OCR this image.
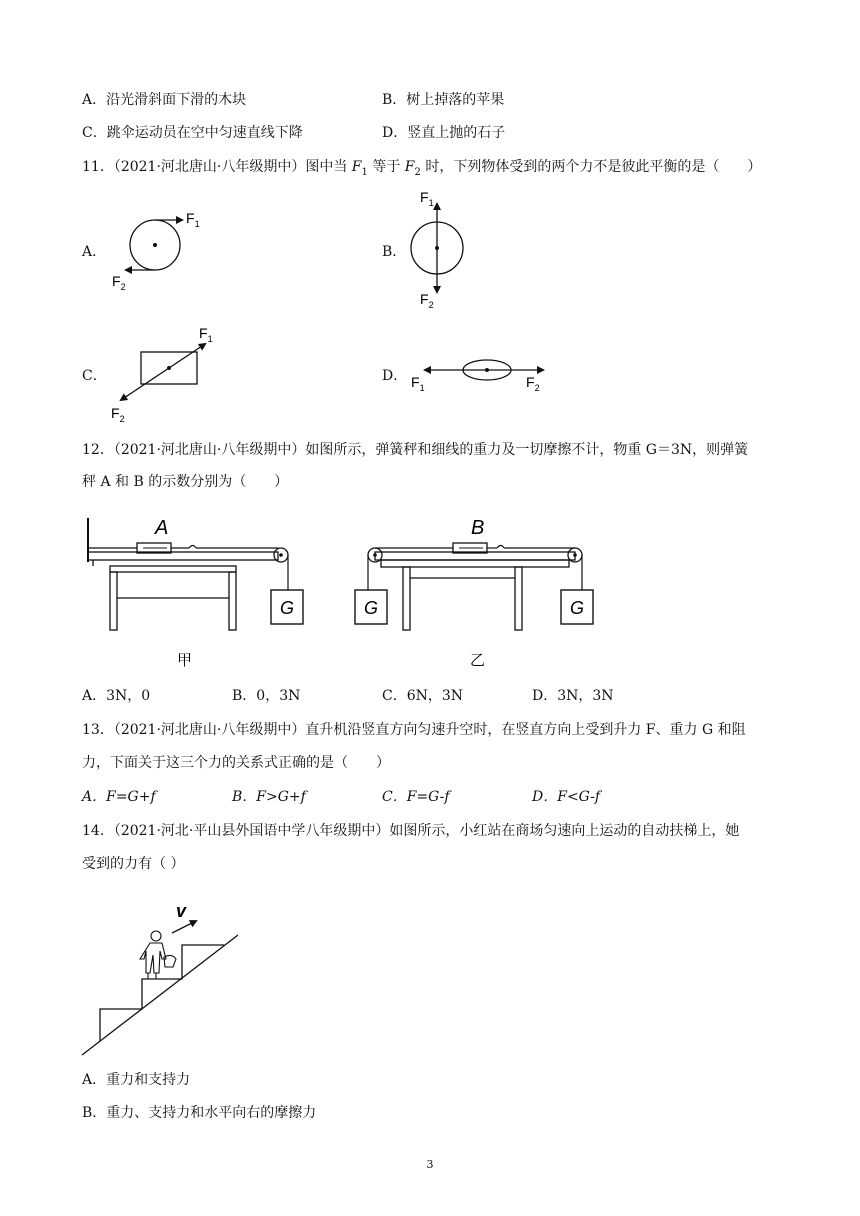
A．沿光滑斜面下滑的木块	B．树上掉落的苹果
C．跳伞运动员在空中匀速直线下降	D．竖直上抛的石子
11．（2021·河北唐山·八年级期中）图中当 $F_1$ 等于 $F_2$ 时，下列物体受到的两个力不是彼此平衡的是（　　）
A．	B．
C．	D．
$F_1$
$F_2$
$F_1$
$F_2$
$F_1$
$F_2$
$F_1$	$F_2$
12．（2021·河北唐山·八年级期中）如图所示，弹簧秤和细线的重力及一切摩擦不计，物重 G＝3N，则弹簧
秤 A 和 B 的示数分别为（　　）
A
G
甲
B
G	G
乙
A．3N，0	B．0，3N	C．6N，3N	D．3N，3N
13．（2021·河北唐山·八年级期中）直升机沿竖直方向匀速升空时，在竖直方向上受到升力 F、重力 G 和阻
力，下面关于这三个力的关系式正确的是（　　）
A．F=G+f	B．F>G+f	C．F=G-f	D．F<G-f
14．（2021·河北·平山县外国语中学八年级期中）如图所示，小红站在商场匀速向上运动的自动扶梯上，她
受到的力有（ ）
v
A．重力和支持力
B．重力、支持力和水平向右的摩擦力
3
